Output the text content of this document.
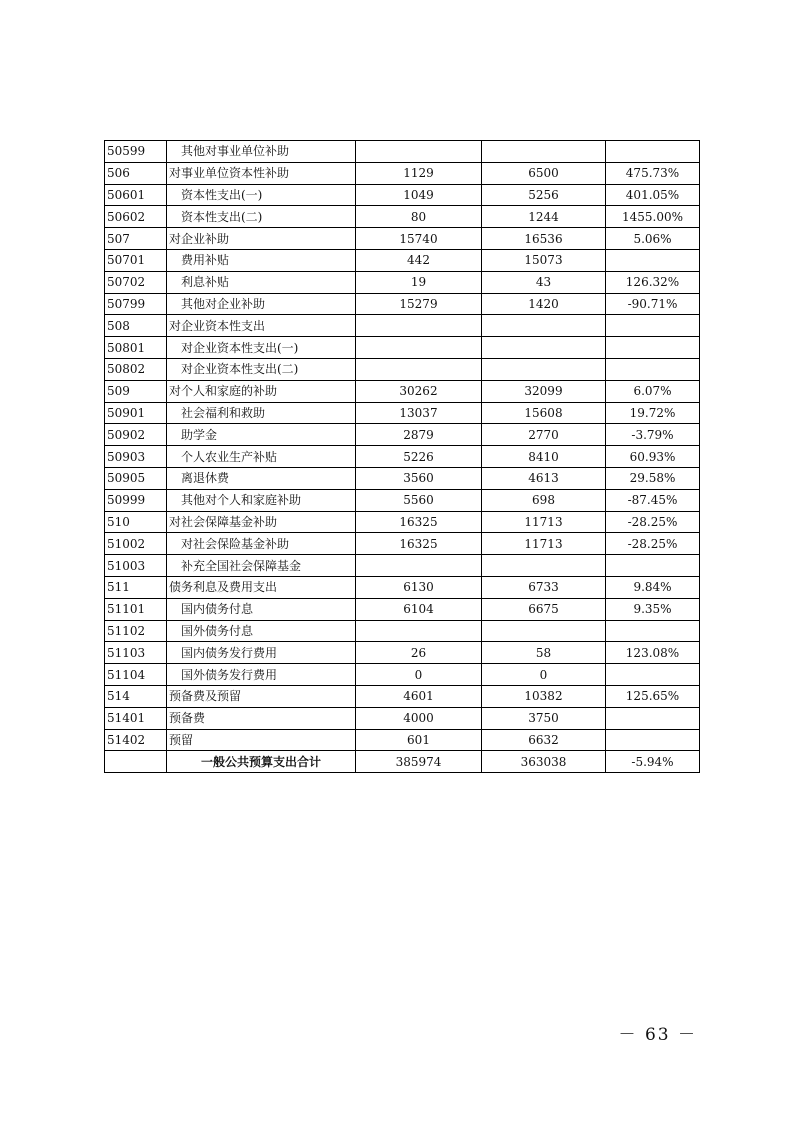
50599	其他对事业单位补助			
506	对事业单位资本性补助	1129	6500	475.73%
50601	资本性支出(一)	1049	5256	401.05%
50602	资本性支出(二)	80	1244	1455.00%
507	对企业补助	15740	16536	5.06%
50701	费用补贴	442	15073	
50702	利息补贴	19	43	126.32%
50799	其他对企业补助	15279	1420	-90.71%
508	对企业资本性支出			
50801	对企业资本性支出(一)			
50802	对企业资本性支出(二)			
509	对个人和家庭的补助	30262	32099	6.07%
50901	社会福利和救助	13037	15608	19.72%
50902	助学金	2879	2770	-3.79%
50903	个人农业生产补贴	5226	8410	60.93%
50905	离退休费	3560	4613	29.58%
50999	其他对个人和家庭补助	5560	698	-87.45%
510	对社会保障基金补助	16325	11713	-28.25%
51002	对社会保险基金补助	16325	11713	-28.25%
51003	补充全国社会保障基金			
511	债务利息及费用支出	6130	6733	9.84%
51101	国内债务付息	6104	6675	9.35%
51102	国外债务付息			
51103	国内债务发行费用	26	58	123.08%
51104	国外债务发行费用	0	0	
514	预备费及预留	4601	10382	125.65%
51401	预备费	4000	3750	
51402	预留	601	6632	
	一般公共预算支出合计	385974	363038	-5.94%
－ 63 －
